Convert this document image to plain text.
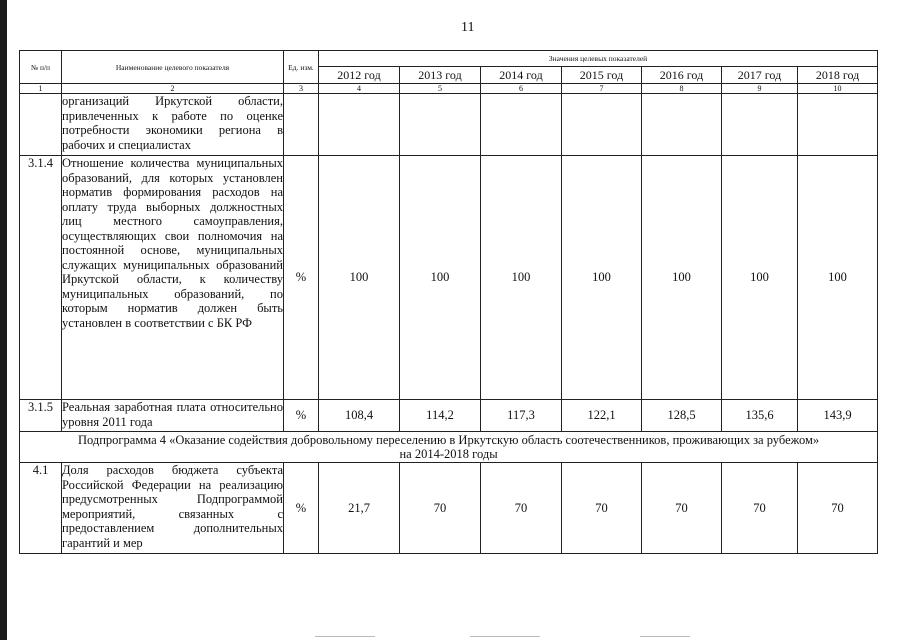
11
№ п/п	Наименование целевого показателя	Ед. изм.	Значения целевых показателей						
			2012 год	2013 год	2014 год	2015 год	2016 год	2017 год	2018 год
1	2	3	4	5	6	7	8	9	10
	организаций Иркутской области, привлеченных к работе по оценке потребности экономики региона в рабочих и специалистах								
3.1.4	Отношение количества муниципальных образований, для которых установлен норматив формирования расходов на оплату труда выборных должностных лиц местного самоуправления, осуществляющих свои полномочия на постоянной основе, муниципальных служащих муниципальных образований Иркутской области, к количеству муниципальных образований, по которым норматив должен быть установлен в соответствии с БК РФ	%	100	100	100	100	100	100	100
3.1.5	Реальная заработная плата относительно уровня 2011 года	%	108,4	114,2	117,3	122,1	128,5	135,6	143,9

Подпрограмма 4 «Оказание содействия добровольному переселению в Иркутскую область соотечественников, проживающих за рубежом»
на 2014-2018 годы									

4.1	Доля расходов бюджета субъекта Российской Федерации на реализацию предусмотренных Подпрограммой мероприятий, связанных с предоставлением дополнительных гарантий и мер	%	21,7	70	70	70	70	70	70
